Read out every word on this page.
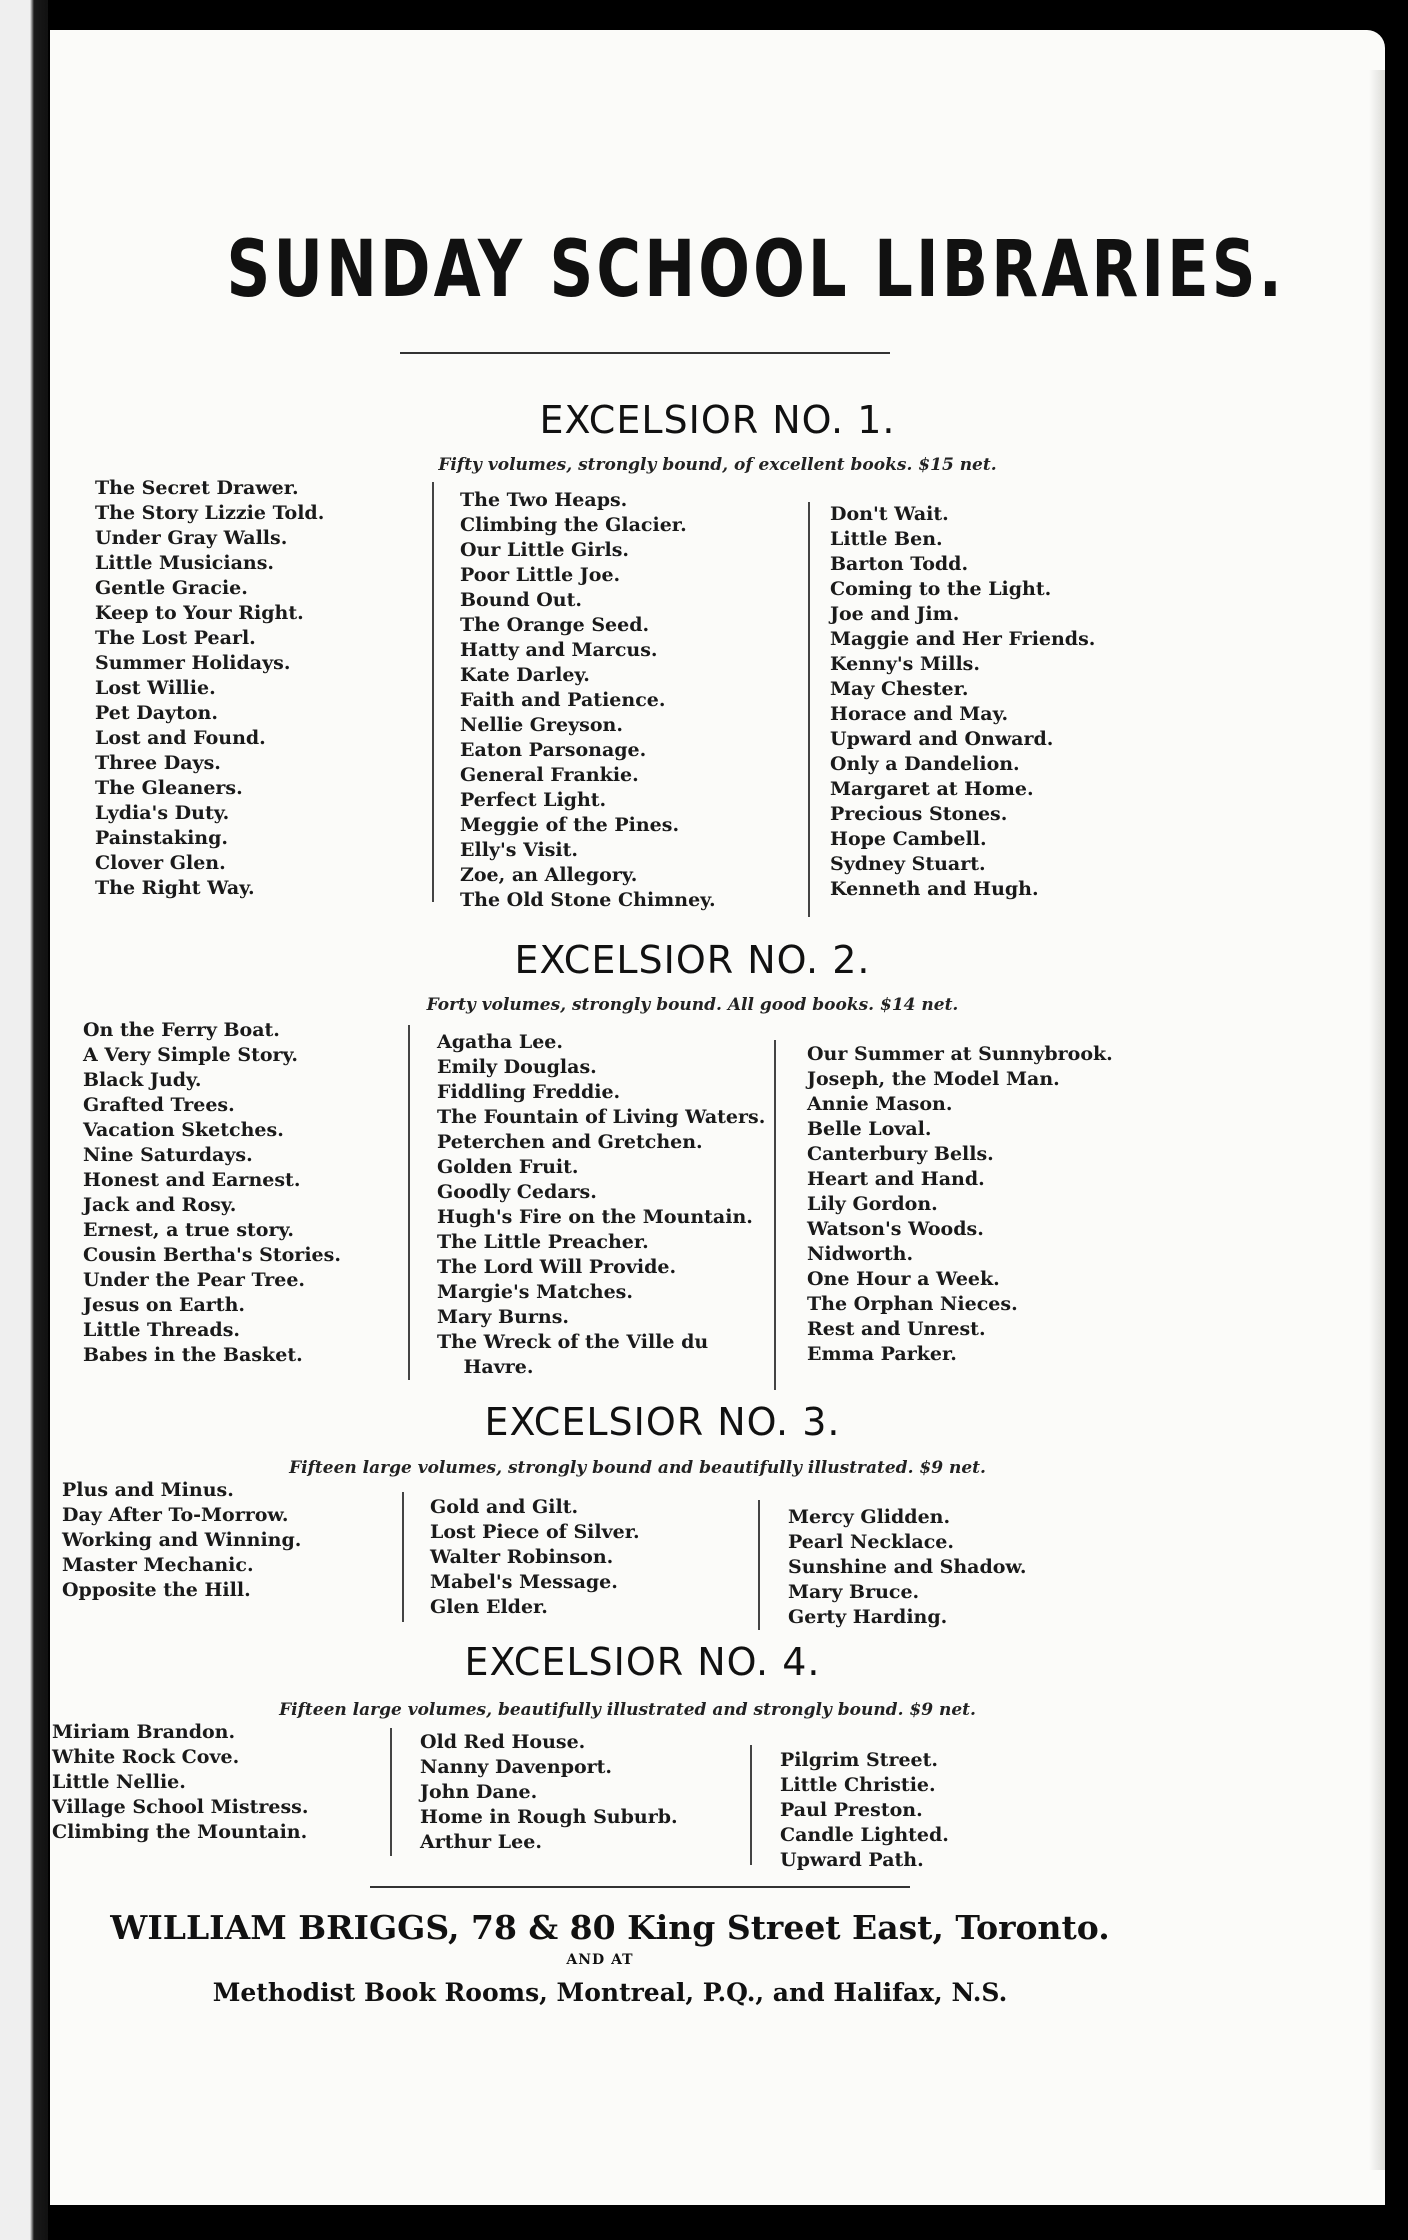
SUNDAY SCHOOL LIBRARIES.
EXCELSIOR NO. 1.
Fifty volumes, strongly bound, of excellent books. $15 net.
The Secret Drawer.
The Story Lizzie Told.
Under Gray Walls.
Little Musicians.
Gentle Gracie.
Keep to Your Right.
The Lost Pearl.
Summer Holidays.
Lost Willie.
Pet Dayton.
Lost and Found.
Three Days.
The Gleaners.
Lydia's Duty.
Painstaking.
Clover Glen.
The Right Way.
The Two Heaps.
Climbing the Glacier.
Our Little Girls.
Poor Little Joe.
Bound Out.
The Orange Seed.
Hatty and Marcus.
Kate Darley.
Faith and Patience.
Nellie Greyson.
Eaton Parsonage.
General Frankie.
Perfect Light.
Meggie of the Pines.
Elly's Visit.
Zoe, an Allegory.
The Old Stone Chimney.
Don't Wait.
Little Ben.
Barton Todd.
Coming to the Light.
Joe and Jim.
Maggie and Her Friends.
Kenny's Mills.
May Chester.
Horace and May.
Upward and Onward.
Only a Dandelion.
Margaret at Home.
Precious Stones.
Hope Cambell.
Sydney Stuart.
Kenneth and Hugh.
EXCELSIOR NO. 2.
Forty volumes, strongly bound. All good books. $14 net.
On the Ferry Boat.
A Very Simple Story.
Black Judy.
Grafted Trees.
Vacation Sketches.
Nine Saturdays.
Honest and Earnest.
Jack and Rosy.
Ernest, a true story.
Cousin Bertha's Stories.
Under the Pear Tree.
Jesus on Earth.
Little Threads.
Babes in the Basket.
Agatha Lee.
Emily Douglas.
Fiddling Freddie.
The Fountain of Living Waters.
Peterchen and Gretchen.
Golden Fruit.
Goodly Cedars.
Hugh's Fire on the Mountain.
The Little Preacher.
The Lord Will Provide.
Margie's Matches.
Mary Burns.
The Wreck of the Ville du
Havre.
Our Summer at Sunnybrook.
Joseph, the Model Man.
Annie Mason.
Belle Loval.
Canterbury Bells.
Heart and Hand.
Lily Gordon.
Watson's Woods.
Nidworth.
One Hour a Week.
The Orphan Nieces.
Rest and Unrest.
Emma Parker.
EXCELSIOR NO. 3.
Fifteen large volumes, strongly bound and beautifully illustrated. $9 net.
Plus and Minus.
Day After To-Morrow.
Working and Winning.
Master Mechanic.
Opposite the Hill.
Gold and Gilt.
Lost Piece of Silver.
Walter Robinson.
Mabel's Message.
Glen Elder.
Mercy Glidden.
Pearl Necklace.
Sunshine and Shadow.
Mary Bruce.
Gerty Harding.
EXCELSIOR NO. 4.
Fifteen large volumes, beautifully illustrated and strongly bound. $9 net.
Miriam Brandon.
White Rock Cove.
Little Nellie.
Village School Mistress.
Climbing the Mountain.
Old Red House.
Nanny Davenport.
John Dane.
Home in Rough Suburb.
Arthur Lee.
Pilgrim Street.
Little Christie.
Paul Preston.
Candle Lighted.
Upward Path.
WILLIAM BRIGGS, 78 & 80 King Street East, Toronto.
AND AT
Methodist Book Rooms, Montreal, P.Q., and Halifax, N.S.
